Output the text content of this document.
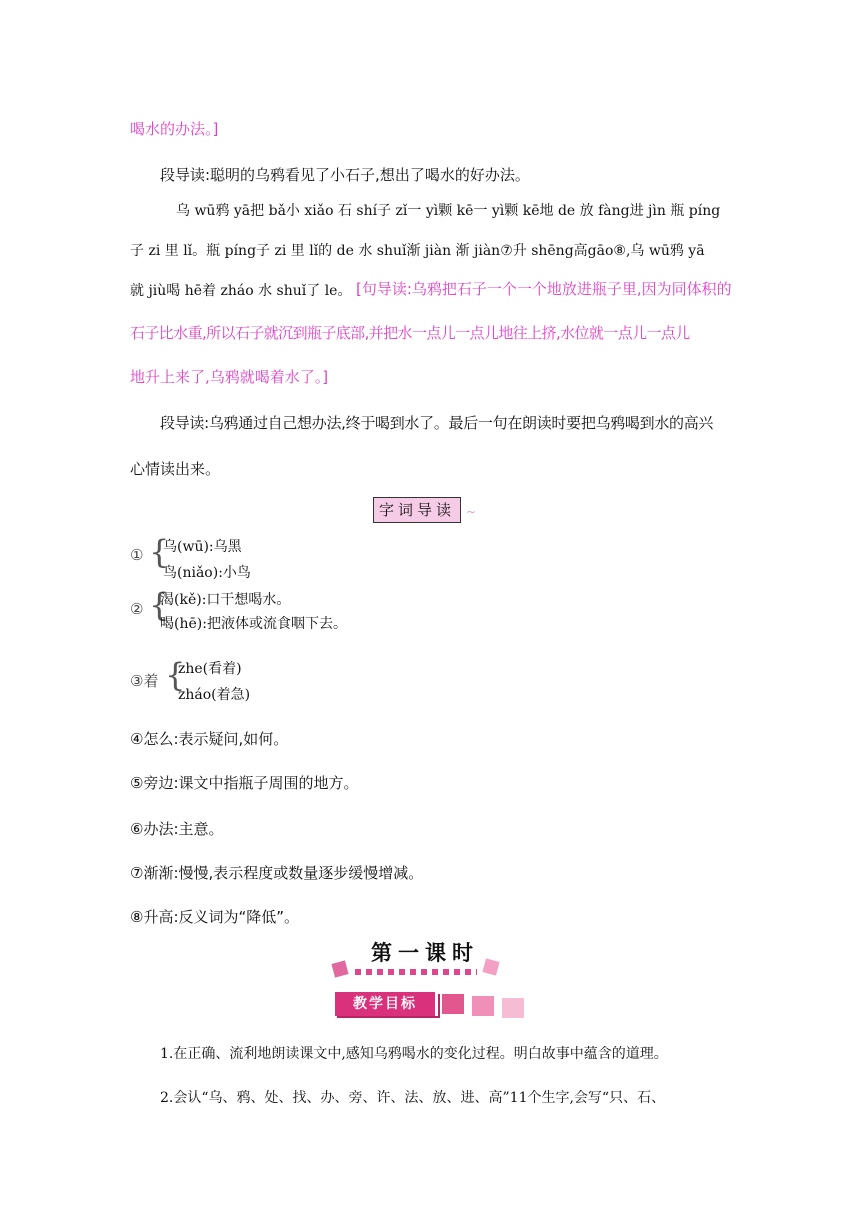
喝水的办法。]
段导读:聪明的乌鸦看见了小石子,想出了喝水的好办法。
乌 wū鸦 yā把 bǎ小 xiǎo 石 shí子 zǐ一 yì颗 kē一 yì颗 kē地 de 放 fàng进 jìn 瓶 píng
子 zi 里 lǐ。瓶 píng子 zi 里 lǐ的 de 水 shuǐ渐 jiàn 渐 jiàn⑦升 shēng高gāo⑧,乌 wū鸦 yā
就 jiù喝 hē着 zháo 水 shuǐ了 le。 [句导读:乌鸦把石子一个一个地放进瓶子里,因为同体积的
石子比水重,所以石子就沉到瓶子底部,并把水一点儿一点儿地往上挤,水位就一点儿一点儿
地升上来了,乌鸦就喝着水了。]
段导读:乌鸦通过自己想办法,终于喝到水了。最后一句在朗读时要把乌鸦喝到水的高兴
心情读出来。
字词导读 ~
① {
乌(wū):乌黑
鸟(niǎo):小鸟
② {
渴(kě):口干想喝水。
喝(hē):把液体或流食咽下去。
③着 {
zhe(看着)
zháo(着急)
④怎么:表示疑问,如何。
⑤旁边:课文中指瓶子周围的地方。
⑥办法:主意。
⑦渐渐:慢慢,表示程度或数量逐步缓慢增减。
⑧升高:反义词为“降低”。
第一课时
教学目标
1.在正确、流利地朗读课文中,感知乌鸦喝水的变化过程。明白故事中蕴含的道理。
2.会认“乌、鸦、处、找、办、旁、许、法、放、进、高”11个生字,会写“只、石、
